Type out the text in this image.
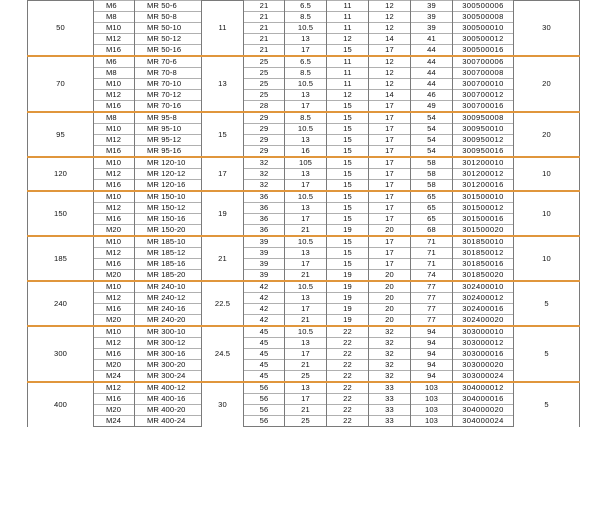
50	M6	MR 50-6	11	21	6.5	11	12	39	300500006	30
	M8	MR 50-8		21	8.5	11	12	39	300500008	
	M10	MR 50-10		21	10.5	11	12	39	300500010	
	M12	MR 50-12		21	13	12	14	41	300500012	
	M16	MR 50-16		21	17	15	17	44	300500016	
70	M6	MR 70-6	13	25	6.5	11	12	44	300700006	20
	M8	MR 70-8		25	8.5	11	12	44	300700008	
	M10	MR 70-10		25	10.5	11	12	44	300700010	
	M12	MR 70-12		25	13	12	14	46	300700012	
	M16	MR 70-16		28	17	15	17	49	300700016	
95	M8	MR 95-8	15	29	8.5	15	17	54	300950008	20
	M10	MR 95-10		29	10.5	15	17	54	300950010	
	M12	MR 95-12		29	13	15	17	54	300950012	
	M16	MR 95-16		29	16	15	17	54	300950016	
120	M10	MR 120-10	17	32	105	15	17	58	301200010	10
	M12	MR 120-12		32	13	15	17	58	301200012	
	M16	MR 120-16		32	17	15	17	58	301200016	
150	M10	MR 150-10	19	36	10.5	15	17	65	301500010	10
	M12	MR 150-12		36	13	15	17	65	301500012	
	M16	MR 150-16		36	17	15	17	65	301500016	
	M20	MR 150-20		36	21	19	20	68	301500020	
185	M10	MR 185-10	21	39	10.5	15	17	71	301850010	10
	M12	MR 185-12		39	13	15	17	71	301850012	
	M16	MR 185-16		39	17	15	17	71	301850016	
	M20	MR 185-20		39	21	19	20	74	301850020	
240	M10	MR 240-10	22.5	42	10.5	19	20	77	302400010	5
	M12	MR 240-12		42	13	19	20	77	302400012	
	M16	MR 240-16		42	17	19	20	77	302400016	
	M20	MR 240-20		42	21	19	20	77	302400020	
300	M10	MR 300-10	24.5	45	10.5	22	32	94	303000010	5
	M12	MR 300-12		45	13	22	32	94	303000012	
	M16	MR 300-16		45	17	22	32	94	303000016	
	M20	MR 300-20		45	21	22	32	94	303000020	
	M24	MR 300-24		45	25	22	32	94	303000024	
400	M12	MR 400-12	30	56	13	22	33	103	304000012	5
	M16	MR 400-16		56	17	22	33	103	304000016	
	M20	MR 400-20		56	21	22	33	103	304000020	
	M24	MR 400-24		56	25	22	33	103	304000024	
